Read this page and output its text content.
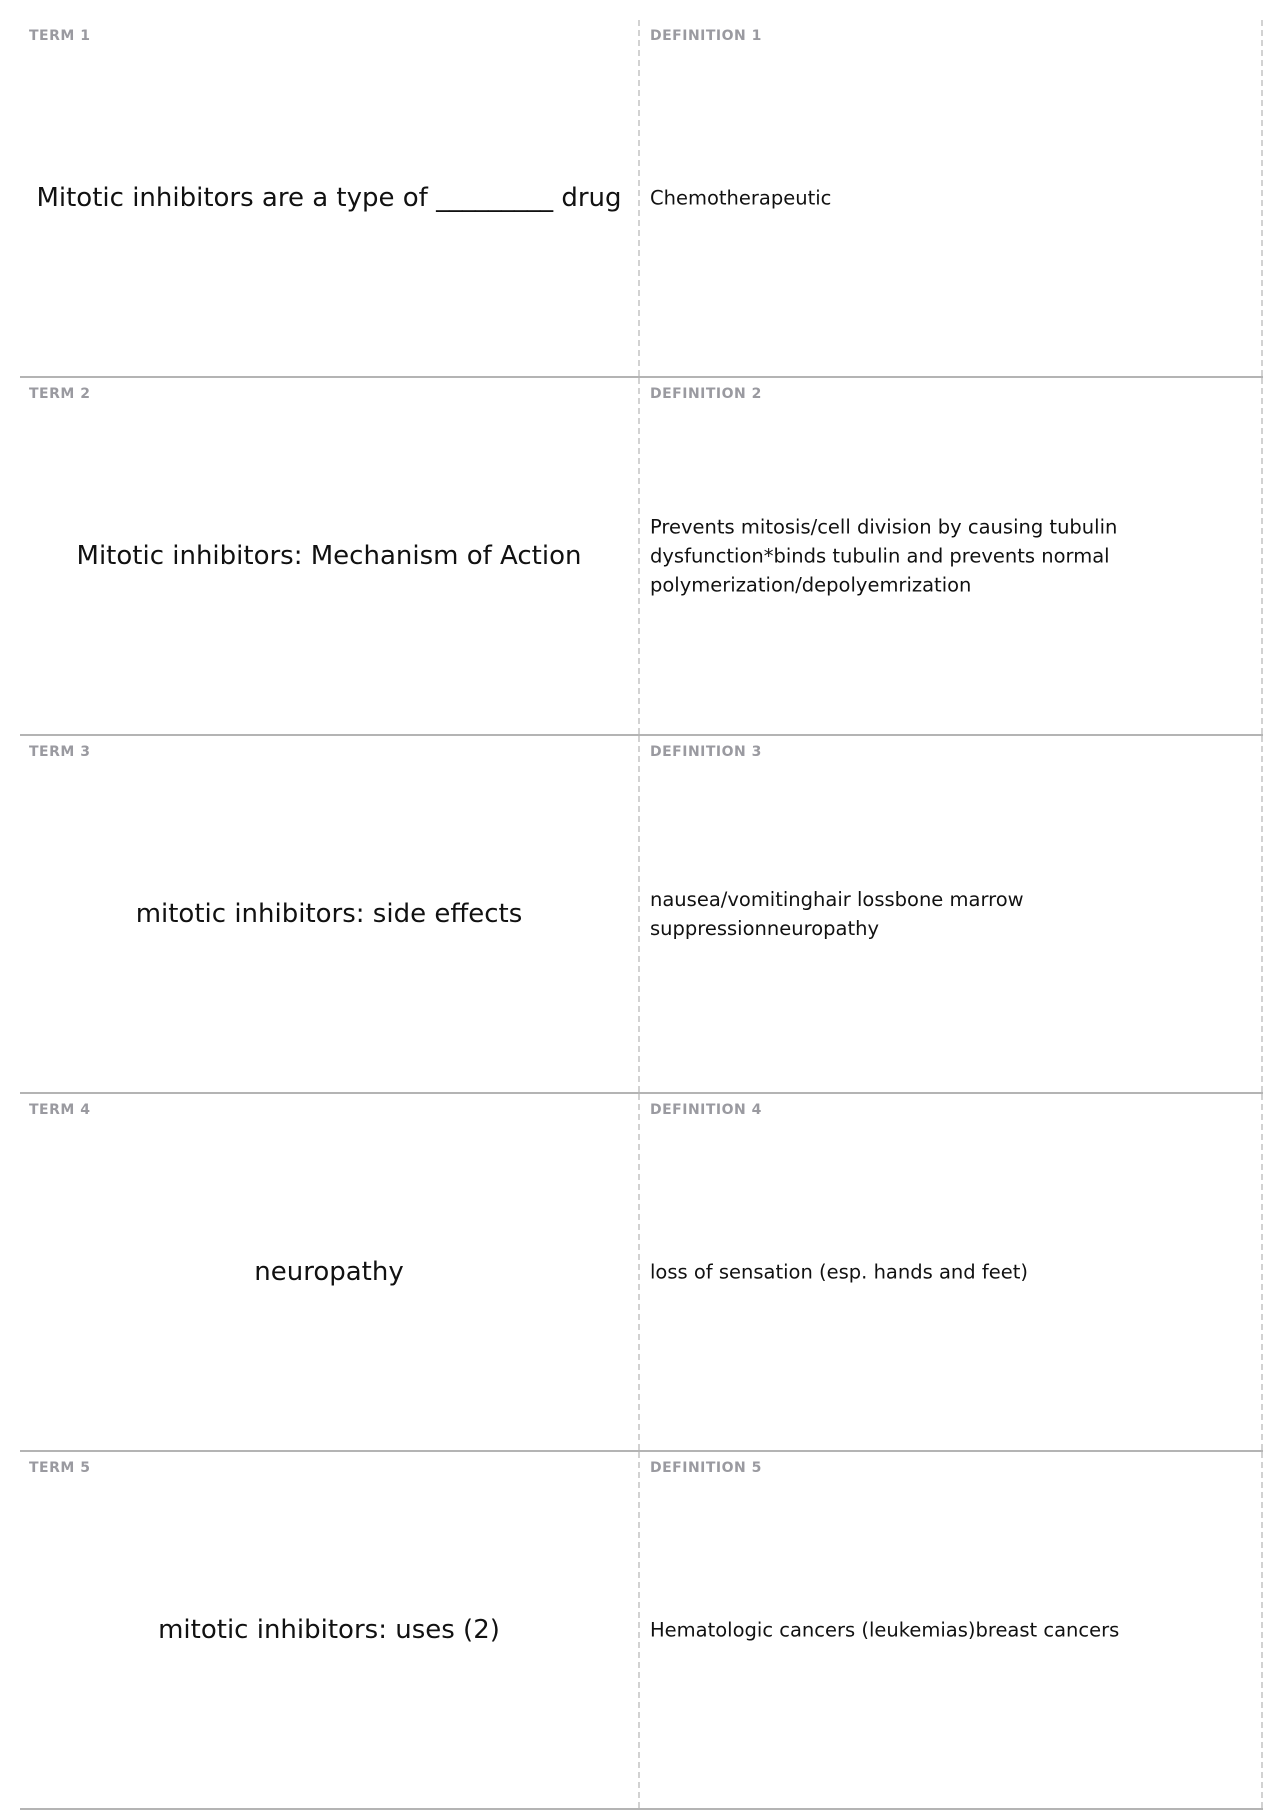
TERM 1
Mitotic inhibitors are a type of _________ drug
DEFINITION 1
Chemotherapeutic
TERM 2
Mitotic inhibitors: Mechanism of Action
DEFINITION 2
Prevents mitosis/cell division by causing tubulin dysfunction*binds tubulin and prevents normal polymerization/depolyemrization
TERM 3
mitotic inhibitors: side effects
DEFINITION 3
nausea/vomitinghair lossbone marrow suppressionneuropathy
TERM 4
neuropathy
DEFINITION 4
loss of sensation (esp. hands and feet)
TERM 5
mitotic inhibitors: uses (2)
DEFINITION 5
Hematologic cancers (leukemias)breast cancers
